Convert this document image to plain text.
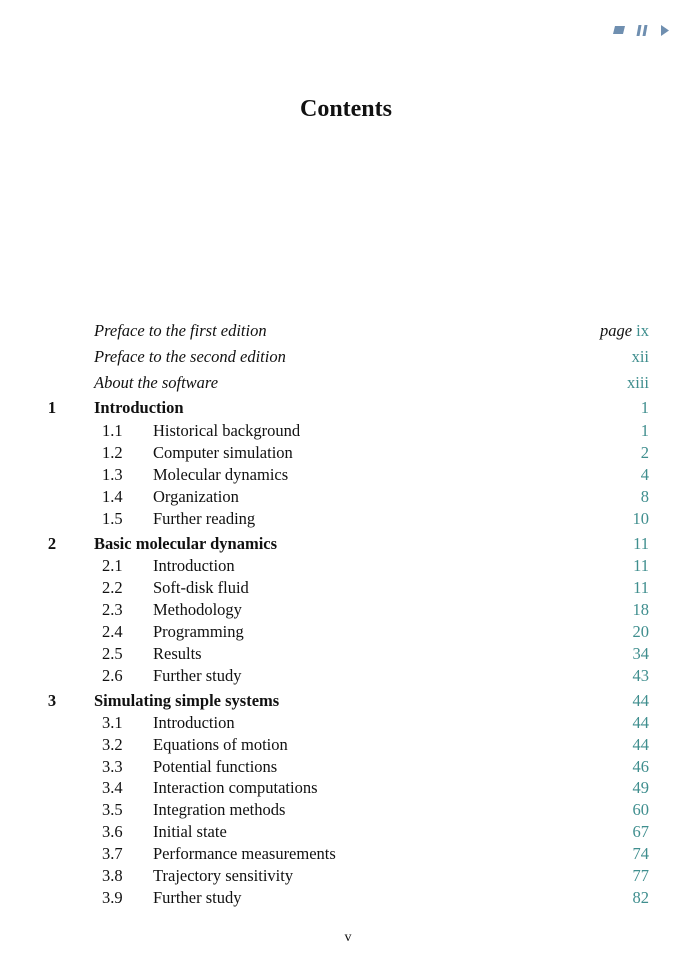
Contents
Preface to the first edition	page ix
Preface to the second edition	xii
About the software	xiii
1 Introduction	1
1.1 Historical background	1
1.2 Computer simulation	2
1.3 Molecular dynamics	4
1.4 Organization	8
1.5 Further reading	10
2 Basic molecular dynamics	11
2.1 Introduction	11
2.2 Soft-disk fluid	11
2.3 Methodology	18
2.4 Programming	20
2.5 Results	34
2.6 Further study	43
3 Simulating simple systems	44
3.1 Introduction	44
3.2 Equations of motion	44
3.3 Potential functions	46
3.4 Interaction computations	49
3.5 Integration methods	60
3.6 Initial state	67
3.7 Performance measurements	74
3.8 Trajectory sensitivity	77
3.9 Further study	82
v
